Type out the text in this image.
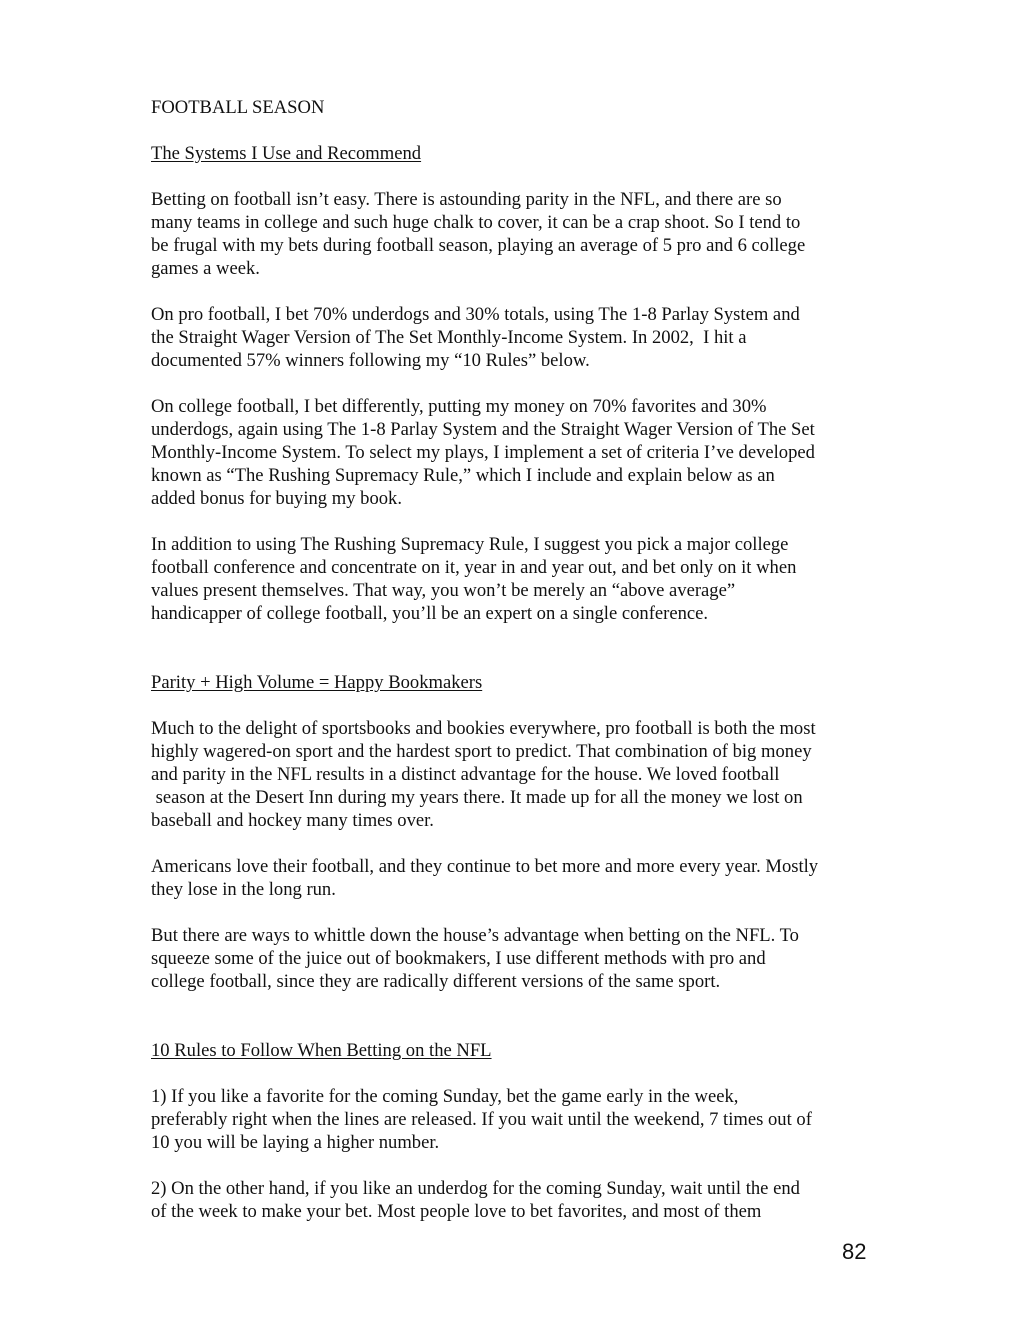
FOOTBALL SEASON
The Systems I Use and Recommend
Betting on football isn’t easy. There is astounding parity in the NFL, and there are so
many teams in college and such huge chalk to cover, it can be a crap shoot. So I tend to
be frugal with my bets during football season, playing an average of 5 pro and 6 college
games a week.
On pro football, I bet 70% underdogs and 30% totals, using The 1-8 Parlay System and
the Straight Wager Version of The Set Monthly-Income System. In 2002,  I hit a
documented 57% winners following my “10 Rules” below.
On college football, I bet differently, putting my money on 70% favorites and 30%
underdogs, again using The 1-8 Parlay System and the Straight Wager Version of The Set
Monthly-Income System. To select my plays, I implement a set of criteria I’ve developed
known as “The Rushing Supremacy Rule,” which I include and explain below as an
added bonus for buying my book.
In addition to using The Rushing Supremacy Rule, I suggest you pick a major college
football conference and concentrate on it, year in and year out, and bet only on it when
values present themselves. That way, you won’t be merely an “above average”
handicapper of college football, you’ll be an expert on a single conference.
Parity + High Volume = Happy Bookmakers
Much to the delight of sportsbooks and bookies everywhere, pro football is both the most
highly wagered-on sport and the hardest sport to predict. That combination of big money
and parity in the NFL results in a distinct advantage for the house. We loved football
season at the Desert Inn during my years there. It made up for all the money we lost on
baseball and hockey many times over.
Americans love their football, and they continue to bet more and more every year. Mostly
they lose in the long run.
But there are ways to whittle down the house’s advantage when betting on the NFL. To
squeeze some of the juice out of bookmakers, I use different methods with pro and
college football, since they are radically different versions of the same sport.
10 Rules to Follow When Betting on the NFL
1) If you like a favorite for the coming Sunday, bet the game early in the week,
preferably right when the lines are released. If you wait until the weekend, 7 times out of
10 you will be laying a higher number.
2) On the other hand, if you like an underdog for the coming Sunday, wait until the end
of the week to make your bet. Most people love to bet favorites, and most of them
82
